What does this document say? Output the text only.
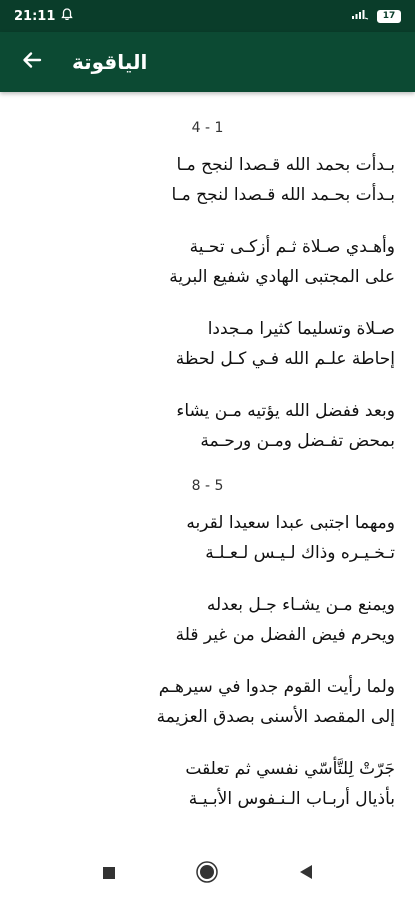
21:11	17
الياقوتة
4 - 1
بـدأت بحمد الله قـصدا لنجح مـا
بـدأت بحـمد الله قـصدا لنجح مـا
وأهـدي صـلاة ثـم أزكـى تحـية
على المجتبى الهادي شفيع البرية
صـلاة وتسليما كثيرا مـجددا
إحاطة علـم الله فـي كـل لحظة
وبعد ففضل الله يؤتيه مـن يشاء
بمحض تفـضل ومـن ورحـمة
8 - 5
ومهما اجتبى عبدا سعيدا لقربه
تـخـيـره وذاك لـيـس لـعـلـة
ويمنع مـن يشـاء جـل بعدله
ويحرم فيض الفضل من غير قلة
ولما رأيت القوم جدوا في سيرهـم
إلى المقصد الأسنى بصدق العزيمة
جَرّتْ لِلتَّأسّي نفسي ثم تعلقت
بأذيال أربـاب الـنـفوس الأبـيـة
